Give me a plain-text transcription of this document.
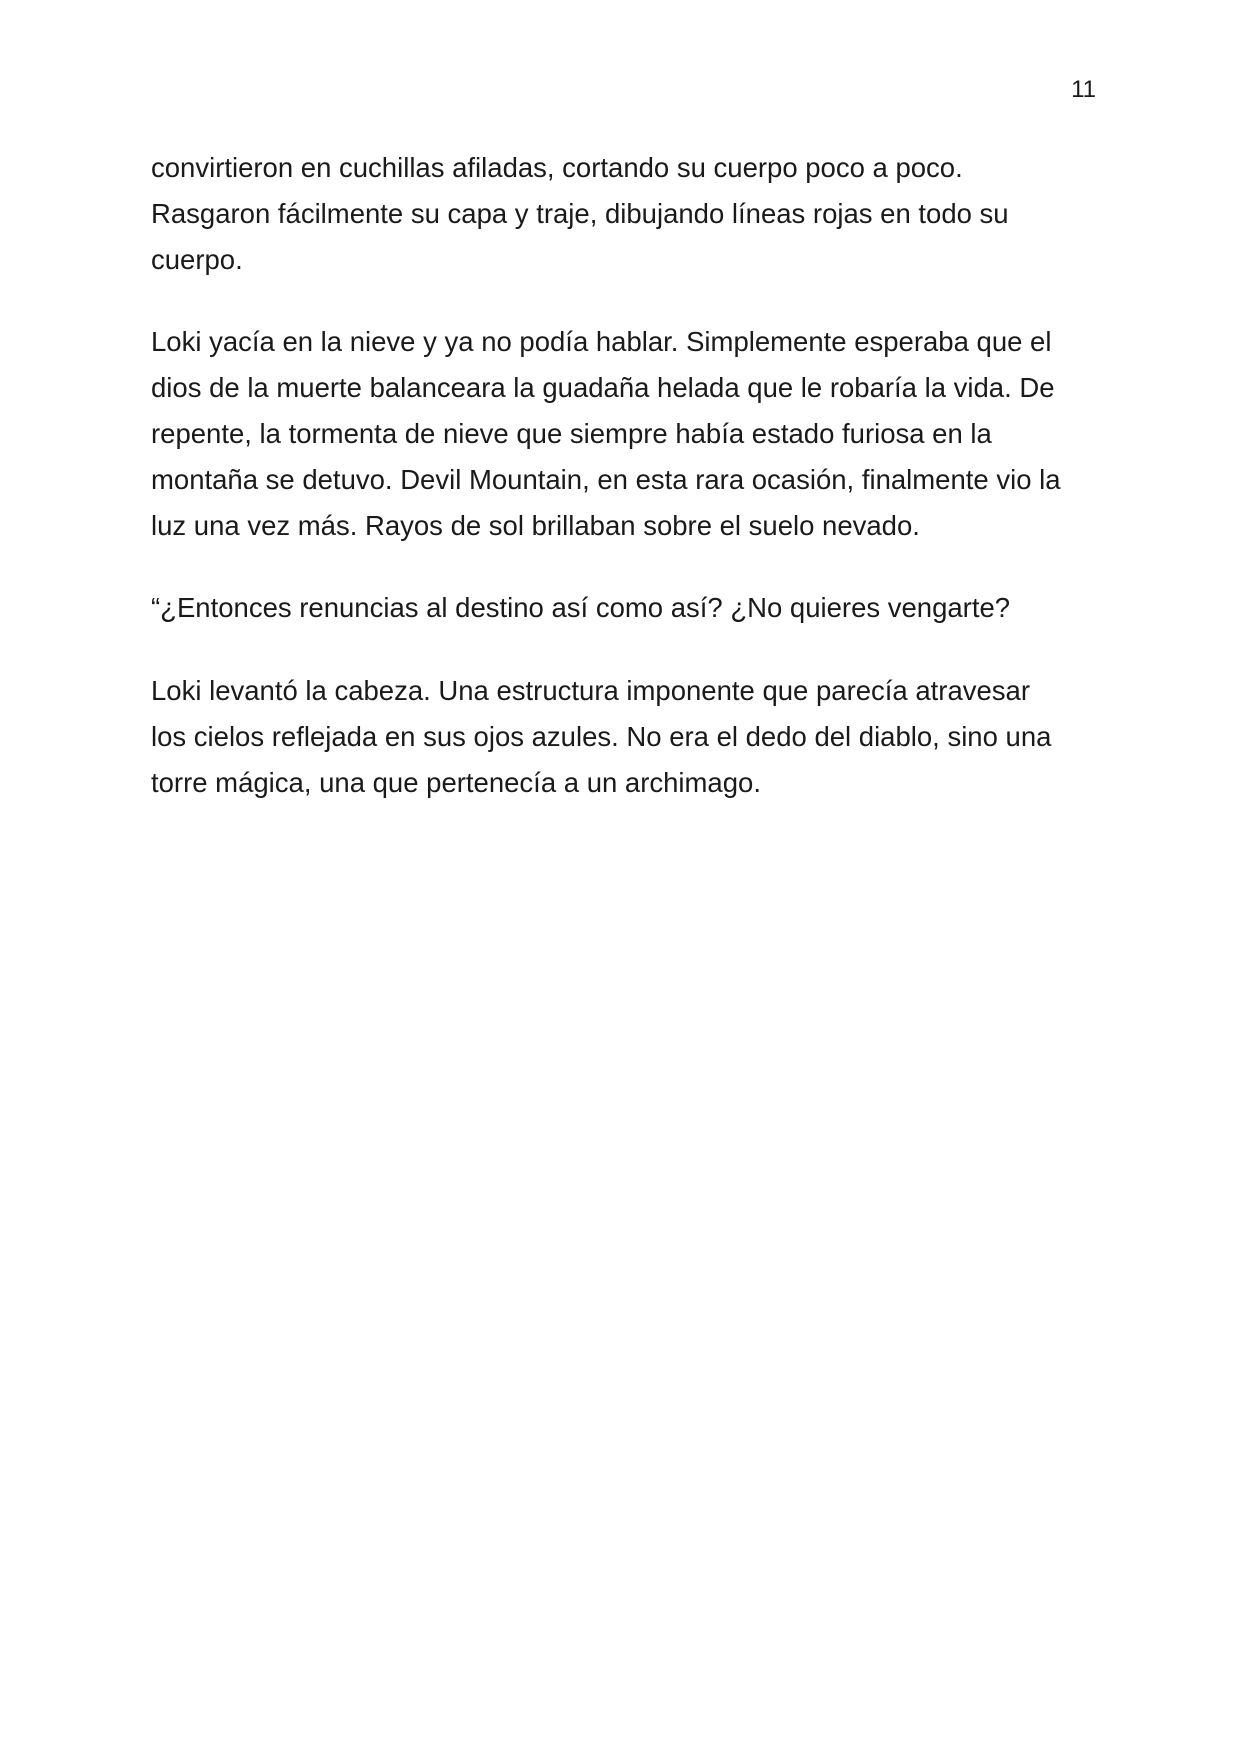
11

convirtieron en cuchillas afiladas, cortando su cuerpo poco a poco.
Rasgaron fácilmente su capa y traje, dibujando líneas rojas en todo su
cuerpo.

Loki yacía en la nieve y ya no podía hablar. Simplemente esperaba que el
dios de la muerte balanceara la guadaña helada que le robaría la vida. De
repente, la tormenta de nieve que siempre había estado furiosa en la
montaña se detuvo. Devil Mountain, en esta rara ocasión, finalmente vio la
luz una vez más. Rayos de sol brillaban sobre el suelo nevado.

“¿Entonces renuncias al destino así como así? ¿No quieres vengarte?

Loki levantó la cabeza. Una estructura imponente que parecía atravesar
los cielos reflejada en sus ojos azules. No era el dedo del diablo, sino una
torre mágica, una que pertenecía a un archimago.
